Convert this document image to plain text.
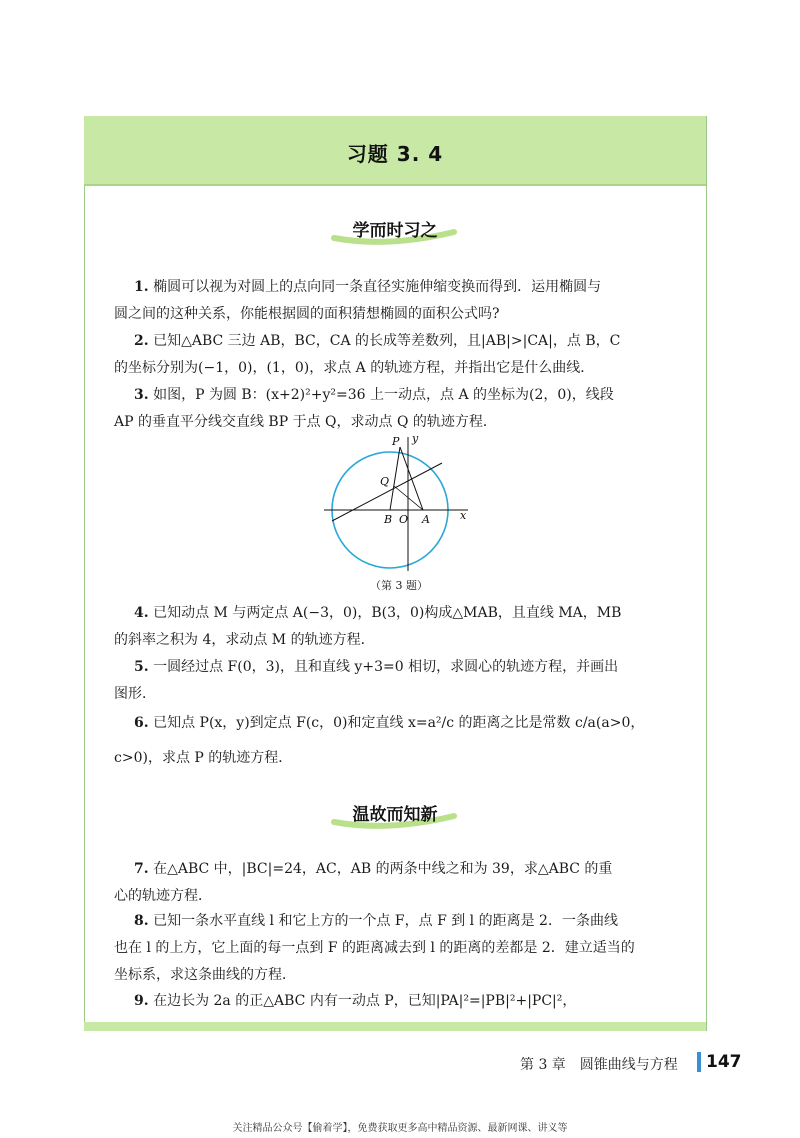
习题 3. 4
学而时习之
1. 椭圆可以视为对圆上的点向同一条直径实施伸缩变换而得到．运用椭圆与
圆之间的这种关系，你能根据圆的面积猜想椭圆的面积公式吗?
2. 已知△ABC 三边 AB，BC，CA 的长成等差数列，且|AB|>|CA|，点 B，C
的坐标分别为(−1，0)，(1，0)，求点 A 的轨迹方程，并指出它是什么曲线．
3. 如图，P 为圆 B：(x+2)²+y²=36 上一动点，点 A 的坐标为(2，0)，线段
AP 的垂直平分线交直线 BP 于点 Q，求动点 Q 的轨迹方程．
P y
Q
B O A	x
（第 3 题）
4. 已知动点 M 与两定点 A(−3，0)，B(3，0)构成△MAB，且直线 MA，MB
的斜率之积为 4，求动点 M 的轨迹方程．
5. 一圆经过点 F(0，3)，且和直线 y+3=0 相切，求圆心的轨迹方程，并画出
图形．
6. 已知点 P(x，y)到定点 F(c，0)和定直线 x=a²/c 的距离之比是常数 c/a(a>0，
c>0)，求点 P 的轨迹方程．
温故而知新
7. 在△ABC 中，|BC|=24，AC，AB 的两条中线之和为 39，求△ABC 的重
心的轨迹方程．
8. 已知一条水平直线 l 和它上方的一个点 F，点 F 到 l 的距离是 2．一条曲线
也在 l 的上方，它上面的每一点到 F 的距离减去到 l 的距离的差都是 2．建立适当的
坐标系，求这条曲线的方程．
9. 在边长为 2a 的正△ABC 内有一动点 P，已知|PA|²=|PB|²+|PC|²，
第 3 章　圆锥曲线与方程 147
关注精品公众号【偷着学】，免费获取更多高中精品资源、最新网课、讲义等
